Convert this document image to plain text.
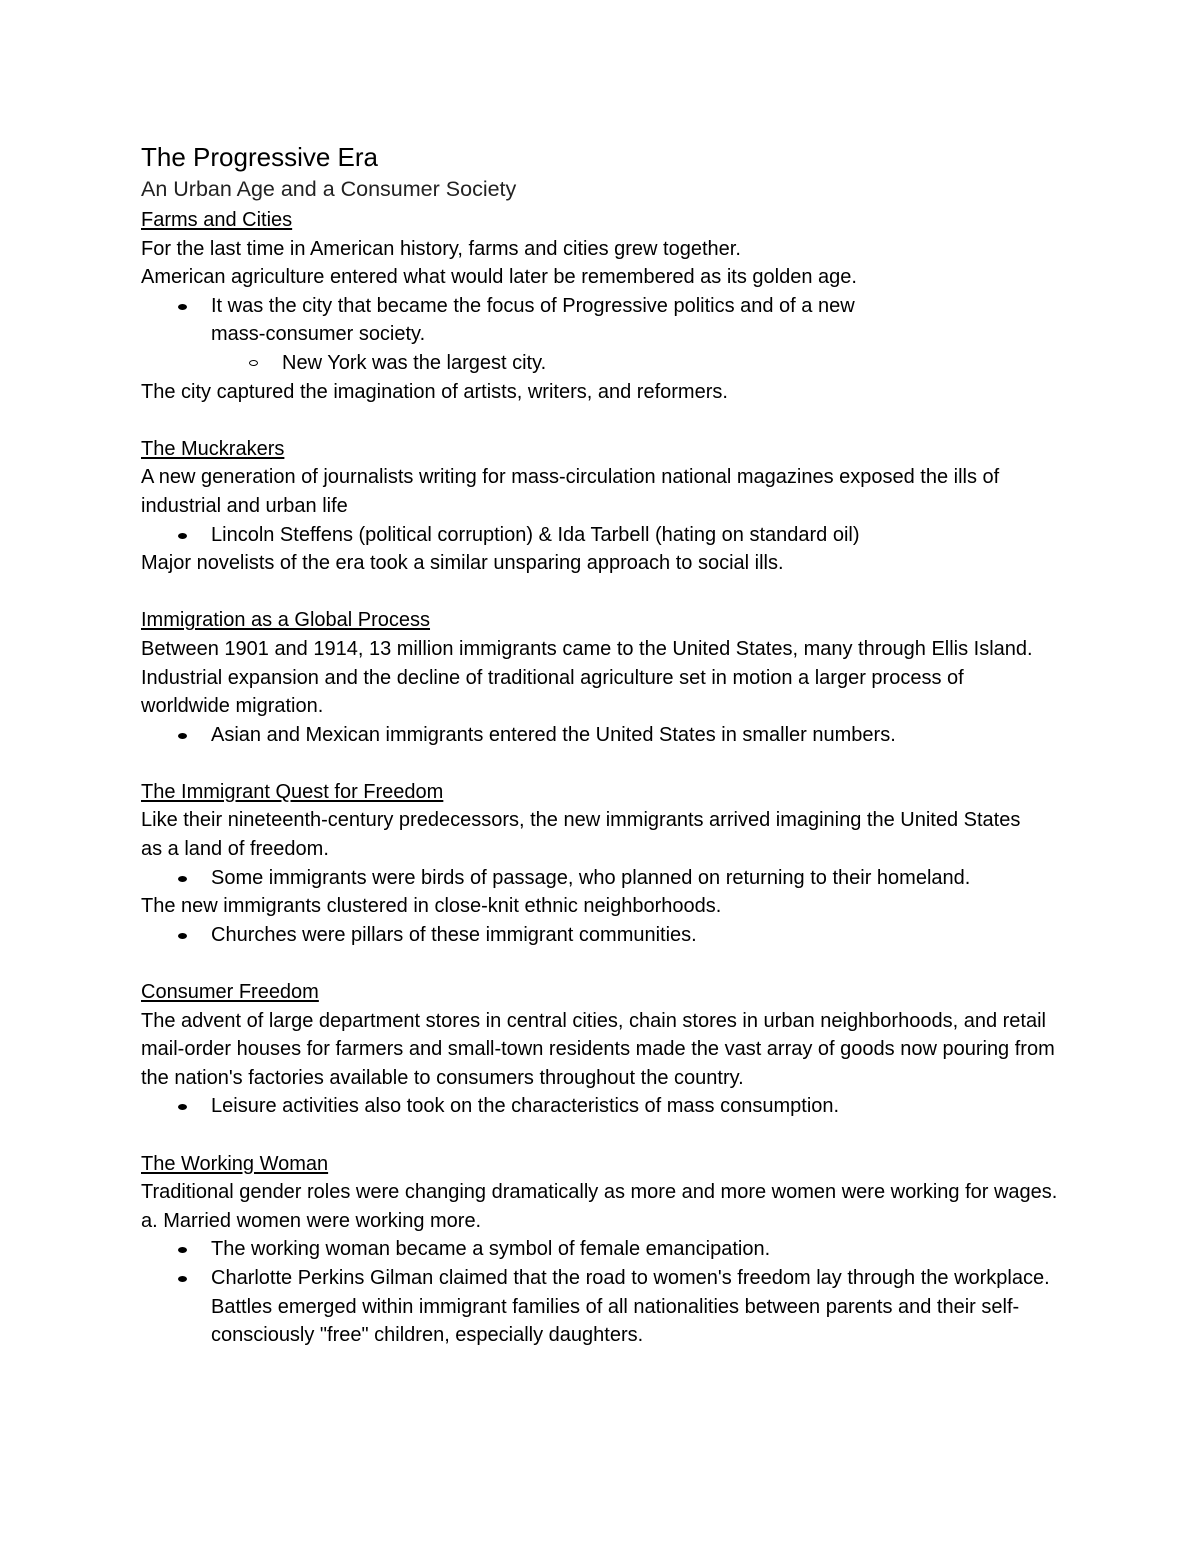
The Progressive Era
An Urban Age and a Consumer Society

Farms and Cities

For the last time in American history, farms and cities grew together.

American agriculture entered what would later be remembered as its golden age.

It was the city that became the focus of Progressive politics and of a new mass-consumer society.
New York was the largest city.

The city captured the imagination of artists, writers, and reformers.

The Muckrakers

A new generation of journalists writing for mass-circulation national magazines exposed the ills of industrial and urban life

Lincoln Steffens (political corruption) & Ida Tarbell (hating on standard oil)

Major novelists of the era took a similar unsparing approach to social ills.

Immigration as a Global Process

Between 1901 and 1914, 13 million immigrants came to the United States, many through Ellis Island.

Industrial expansion and the decline of traditional agriculture set in motion a larger process of worldwide migration.

Asian and Mexican immigrants entered the United States in smaller numbers.

The Immigrant Quest for Freedom

Like their nineteenth-century predecessors, the new immigrants arrived imagining the United States as a land of freedom.

Some immigrants were birds of passage, who planned on returning to their homeland.

The new immigrants clustered in close-knit ethnic neighborhoods.

Churches were pillars of these immigrant communities.

Consumer Freedom

The advent of large department stores in central cities, chain stores in urban neighborhoods, and retail mail-order houses for farmers and small-town residents made the vast array of goods now pouring from the nation's factories available to consumers throughout the country.

Leisure activities also took on the characteristics of mass consumption.

The Working Woman

Traditional gender roles were changing dramatically as more and more women were working for wages. a. Married women were working more.

The working woman became a symbol of female emancipation.
Charlotte Perkins Gilman claimed that the road to women's freedom lay through the workplace. Battles emerged within immigrant families of all nationalities between parents and their self-consciously "free" children, especially daughters.
